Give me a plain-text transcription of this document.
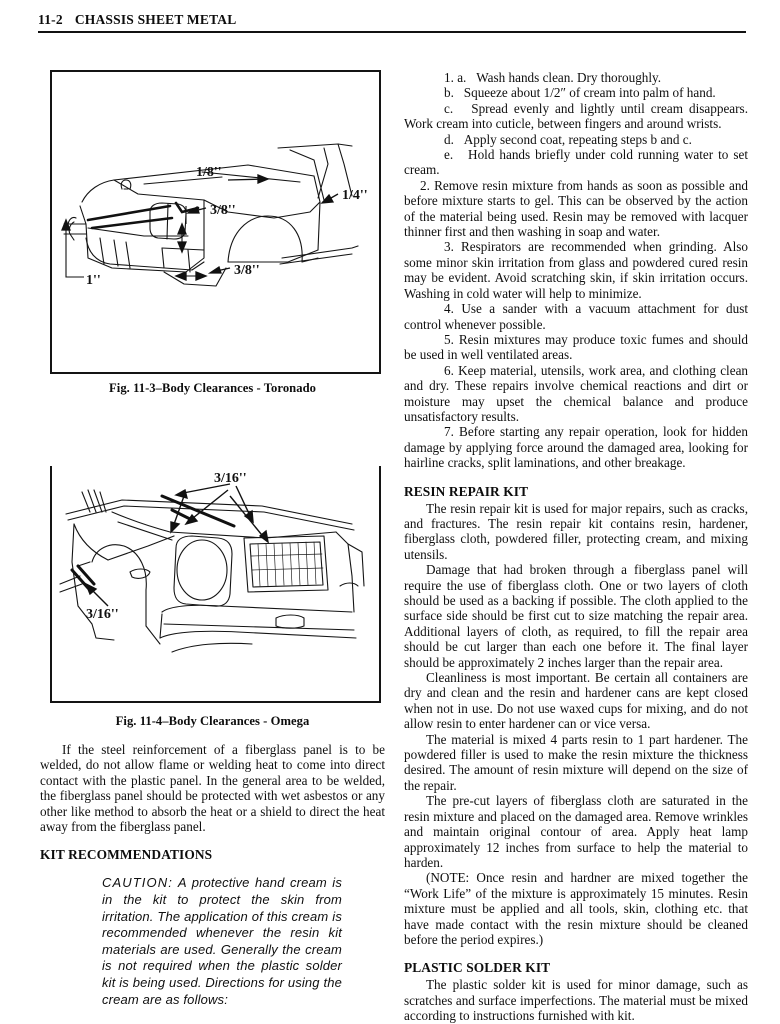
11-2 CHASSIS SHEET METAL
1/8''
1/4''
3/8''
3/8''
1''
Fig. 11-3–Body Clearances - Toronado
3/16''
3/16''
Fig. 11-4–Body Clearances - Omega

If the steel reinforcement of a fiberglass panel is to be welded, do not allow flame or welding heat to come into direct contact with the plastic panel. In the general area to be welded, the fiberglass panel should be protected with wet asbestos or any other like method to absorb the heat or a shield to direct the heat away from the fiberglass panel.

KIT RECOMMENDATIONS

CAUTION: A protective hand cream is in the kit to protect the skin from irritation. The application of this cream is recommended whenever the resin kit materials are used. Generally the cream is not required when the plastic solder kit is being used. Directions for using the cream are as follows:

1. a. Wash hands clean. Dry thoroughly.

b. Squeeze about 1/2″ of cream into palm of hand.

c. Spread evenly and lightly until cream disappears. Work cream into cuticle, between fingers and around wrists.

d. Apply second coat, repeating steps b and c.

e. Hold hands briefly under cold running water to set cream.

2. Remove resin mixture from hands as soon as possible and before mixture starts to gel. This can be observed by the action of the material being used. Resin may be removed with lacquer thinner first and then washing in soap and water.

3. Respirators are recommended when grinding. Also some minor skin irritation from glass and powdered cured resin may be evident. Avoid scratching skin, if skin irritation occurs. Washing in cold water will help to minimize.

4. Use a sander with a vacuum attachment for dust control whenever possible.

5. Resin mixtures may produce toxic fumes and should be used in well ventilated areas.

6. Keep material, utensils, work area, and clothing clean and dry. These repairs involve chemical reactions and dirt or moisture may upset the chemical balance and produce unsatisfactory results.

7. Before starting any repair operation, look for hidden damage by applying force around the damaged area, looking for hairline cracks, split laminations, and other breakage.

RESIN REPAIR KIT

The resin repair kit is used for major repairs, such as cracks, and fractures. The resin repair kit contains resin, hardener, fiberglass cloth, powdered filler, protecting cream, and mixing utensils.

Damage that had broken through a fiberglass panel will require the use of fiberglass cloth. One or two layers of cloth should be used as a backing if possible. The cloth applied to the surface side should be first cut to size matching the repair area. Additional layers of cloth, as required, to fill the repair area should be cut larger than each one before it. The final layer should be approximately 2 inches larger than the repair area.

Cleanliness is most important. Be certain all containers are dry and clean and the resin and hardener cans are kept closed when not in use. Do not use waxed cups for mixing, and do not allow resin to enter hardener can or vice versa.

The material is mixed 4 parts resin to 1 part hardener. The powdered filler is used to make the resin mixture the thickness desired. The amount of resin mixture will depend on the size of the repair.

The pre-cut layers of fiberglass cloth are saturated in the resin mixture and placed on the damaged area. Remove wrinkles and maintain original contour of area. Apply heat lamp approximately 12 inches from surface to help the material to harden.

(NOTE: Once resin and hardner are mixed together the “Work Life” of the mixture is approximately 15 minutes. Resin mixture must be applied and all tools, skin, clothing etc. that have made contact with the resin mixture should be cleaned before the period expires.)

PLASTIC SOLDER KIT

The plastic solder kit is used for minor damage, such as scratches and surface imperfections. The material must be mixed according to instructions furnished with kit.
